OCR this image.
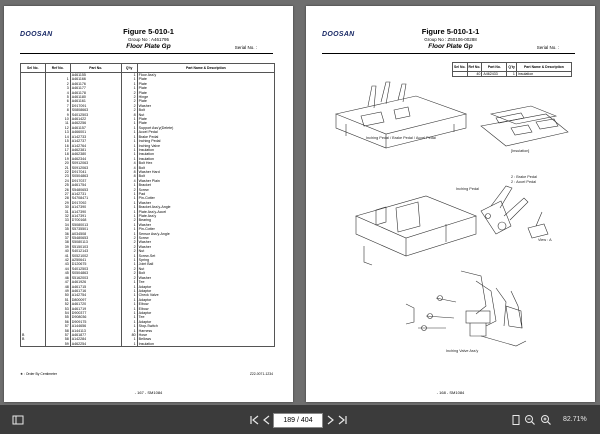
DOOSAN	Figure 5-010-1
Group No : A461795
Floor Plate Gp	Serial No. :
Sel No.	Ref No.	Part No.	Q'ty	Part Name & Description
		A461155	1	Floor Ass'y
	1	A461166	1	Plate
	2	A461176	1	Plate
	3	A461177	1	Plate
	4	A461178	2	Plate
	5	A461180	2	Hinge
	6	A461161	2	Plate
	7	D917091	2	Washer
	8	S0808663	2	Bolt
	9	S4012503	8	Nut
	10	A461422	1	Plate
	11	A462256	1	Plate
	12	A461157	1	Support Ass'y(Delete)
	13	A466001	1	Accel Pedal
	14	A142733	1	Brake Pedal
	15	A142737	1	Inching Pedal
	16	A142764	1	Inching Valve
	17	A462381	1	Insulation
	18	A462380	1	Insulation
	19	A462344	1	Insulation
	20	S0912063	4	Bolt Hex
	21	S0912063	4	Bolt
	22	D917041	8	Washer Hard
	23	S0504863	8	Bolt
	24	D917037	4	Washer Plain
	25	A461754	1	Bracket
	26	S5480653	2	Screw
	27	A142731	1	Pad
	28	S4708471	1	Pin-Cotter
	29	D917092	1	Washer
	30	A147390	1	Bracket Ass'y-Angle
	31	A147390	1	Plate Ass'y-Accel
	32	A147391	1	Plate Ass'y
	33	D700168	2	Bearing
	34	S5080013	1	Washer
	35	S5735501	1	Pin-Cotter
	36	A034508	1	Sensor Ass'y-Angle
	37	S5480653	2	Screw
	38	S5080113	2	Washer
	39	S5150103	2	Washer
	40	S4012143	2	Nut
	41	S0521002	1	Screw-Set
	42	A250641	1	Spring
	43	D120675	1	Joint Ball
	44	S4012503	2	Nut
	45	S0504863	2	Bolt
	46	S5162003	2	Washer
	47	A461926	1	Tee
	48	A461715	1	Adaptor
	49	A461716	1	Adaptor
	50	A142754	1	Check Valve
	51	D800097	1	Adaptor
	52	A461720	1	Elbow
	53	A461719	1	Elbow
	54	D900377	1	Adaptor
	55	D908036	1	Tee
	56	D909175	1	Adaptor
	57	A144656	1	Stop-Switch
	58	A144113	1	Harness
B	57	A461877	80	Hose
B	58	A142284	1	Bellows
	59	A462254	1	Insulation
★ : Order By Centimeter	Z22-0071-1234
- 167 - SM1084
DOOSAN	Figure 5-010-1-1
Group No : Z50106-00288
Floor Plate Gp	Serial No. :
Sel No.	Ref No.	Part No.	Q'ty	Part Name & Description
	40	A462433	1	Insulation
Inching Pedal / Brake Pedal / Accel Pedal
[Insulation]
Inching Pedal
2 : Brake Pedal
2 : Accel Pedal
View : A
Inching Valve Ass'y
- 168 - SM1084
189 / 404	82.71%
